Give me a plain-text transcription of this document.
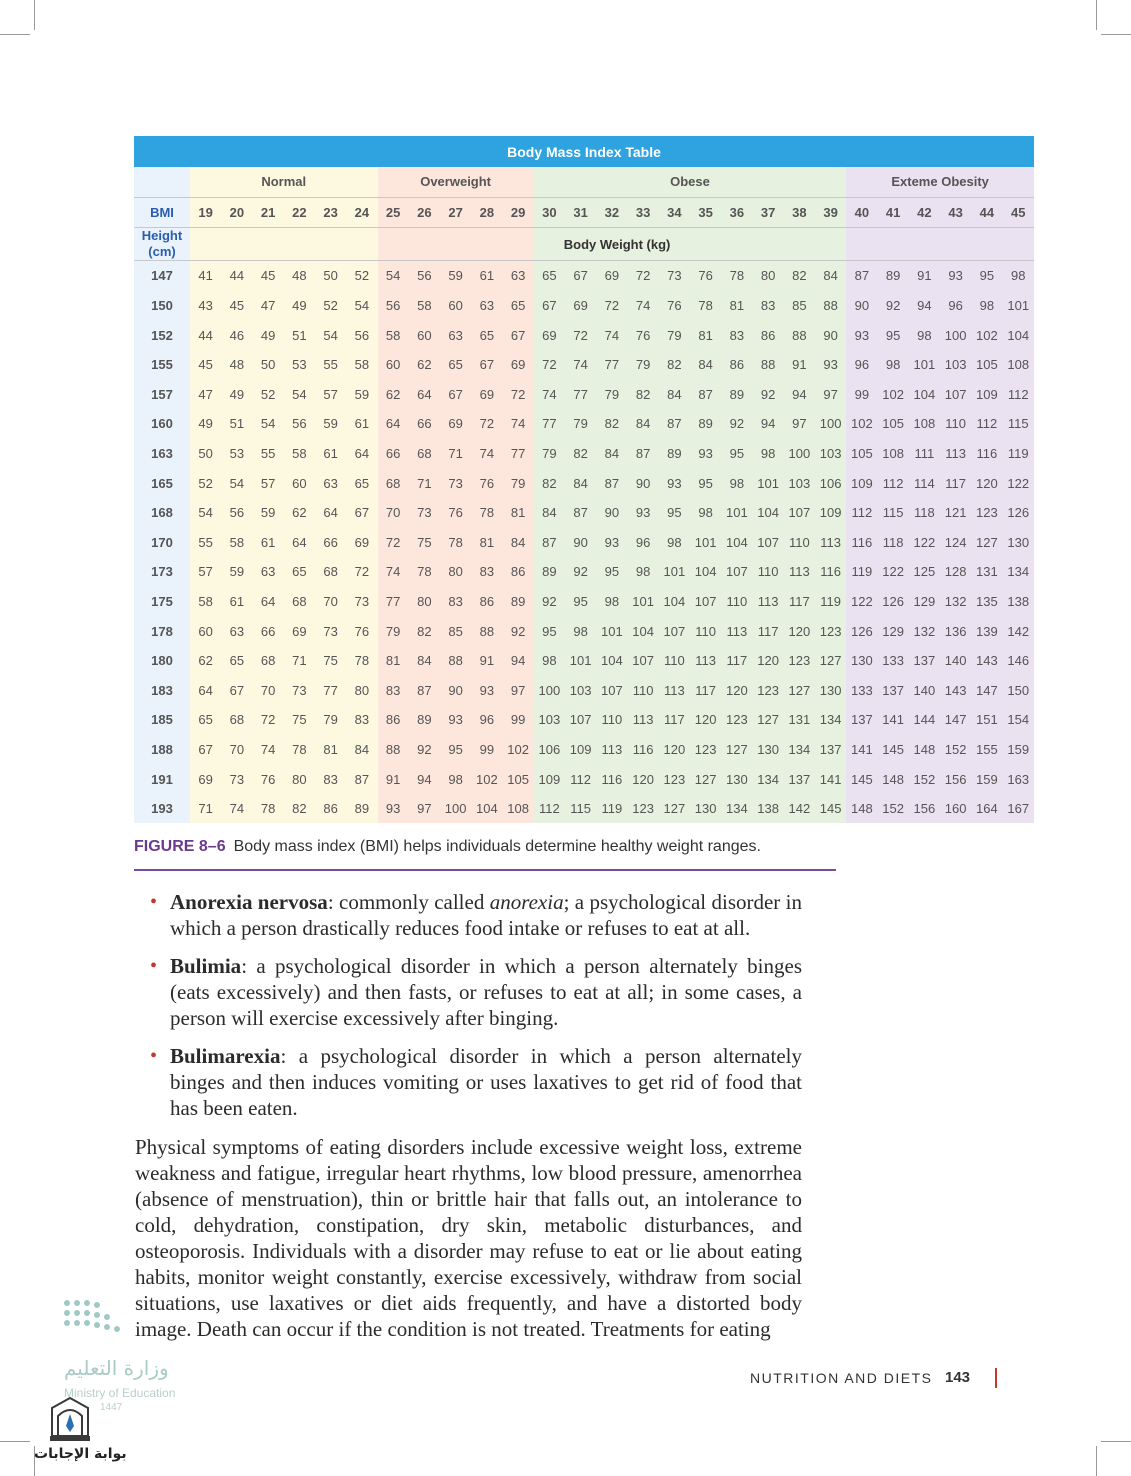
Body Mass Index Table																											
	Normal						Overweight					Obese										Exteme Obesity					
BMI	19	20	21	22	23	24	25	26	27	28	29	30	31	32	33	34	35	36	37	38	39	40	41	42	43	44	45

Height
(cm)												Body Weight (kg)															
147	41	44	45	48	50	52	54	56	59	61	63	65	67	69	72	73	76	78	80	82	84	87	89	91	93	95	98
150	43	45	47	49	52	54	56	58	60	63	65	67	69	72	74	76	78	81	83	85	88	90	92	94	96	98	101
152	44	46	49	51	54	56	58	60	63	65	67	69	72	74	76	79	81	83	86	88	90	93	95	98	100	102	104
155	45	48	50	53	55	58	60	62	65	67	69	72	74	77	79	82	84	86	88	91	93	96	98	101	103	105	108
157	47	49	52	54	57	59	62	64	67	69	72	74	77	79	82	84	87	89	92	94	97	99	102	104	107	109	112
160	49	51	54	56	59	61	64	66	69	72	74	77	79	82	84	87	89	92	94	97	100	102	105	108	110	112	115
163	50	53	55	58	61	64	66	68	71	74	77	79	82	84	87	89	93	95	98	100	103	105	108	111	113	116	119
165	52	54	57	60	63	65	68	71	73	76	79	82	84	87	90	93	95	98	101	103	106	109	112	114	117	120	122
168	54	56	59	62	64	67	70	73	76	78	81	84	87	90	93	95	98	101	104	107	109	112	115	118	121	123	126
170	55	58	61	64	66	69	72	75	78	81	84	87	90	93	96	98	101	104	107	110	113	116	118	122	124	127	130
173	57	59	63	65	68	72	74	78	80	83	86	89	92	95	98	101	104	107	110	113	116	119	122	125	128	131	134
175	58	61	64	68	70	73	77	80	83	86	89	92	95	98	101	104	107	110	113	117	119	122	126	129	132	135	138
178	60	63	66	69	73	76	79	82	85	88	92	95	98	101	104	107	110	113	117	120	123	126	129	132	136	139	142
180	62	65	68	71	75	78	81	84	88	91	94	98	101	104	107	110	113	117	120	123	127	130	133	137	140	143	146
183	64	67	70	73	77	80	83	87	90	93	97	100	103	107	110	113	117	120	123	127	130	133	137	140	143	147	150
185	65	68	72	75	79	83	86	89	93	96	99	103	107	110	113	117	120	123	127	131	134	137	141	144	147	151	154
188	67	70	74	78	81	84	88	92	95	99	102	106	109	113	116	120	123	127	130	134	137	141	145	148	152	155	159
191	69	73	76	80	83	87	91	94	98	102	105	109	112	116	120	123	127	130	134	137	141	145	148	152	156	159	163
193	71	74	78	82	86	89	93	97	100	104	108	112	115	119	123	127	130	134	138	142	145	148	152	156	160	164	167
FIGURE 8–6 Body mass index (BMI) helps individuals determine healthy weight ranges.
• Anorexia nervosa: commonly called anorexia; a psychological disorder in which a person drastically reduces food intake or refuses to eat at all.
• Bulimia: a psychological disorder in which a person alternately binges (eats excessively) and then fasts, or refuses to eat at all; in some cases, a person will exercise excessively after binging.
• Bulimarexia: a psychological disorder in which a person alternately binges and then induces vomiting or uses laxatives to get rid of food that has been eaten.
Physical symptoms of eating disorders include excessive weight loss, extreme weakness and fatigue, irregular heart rhythms, low blood pressure, amenorrhea (absence of menstruation), thin or brittle hair that falls out, an intolerance to cold, dehydration, constipation, dry skin, metabolic disturbances, and osteoporosis. Individuals with a disorder may refuse to eat or lie about eating habits, monitor weight constantly, exercise excessively, withdraw from social situations, use laxatives or diet aids frequently, and have a distorted body image. Death can occur if the condition is not treated. Treatments for eating
NUTRITION AND DIETS 143
وزارة التعليم
Ministry of Education
1447
بوابة الإجابات
